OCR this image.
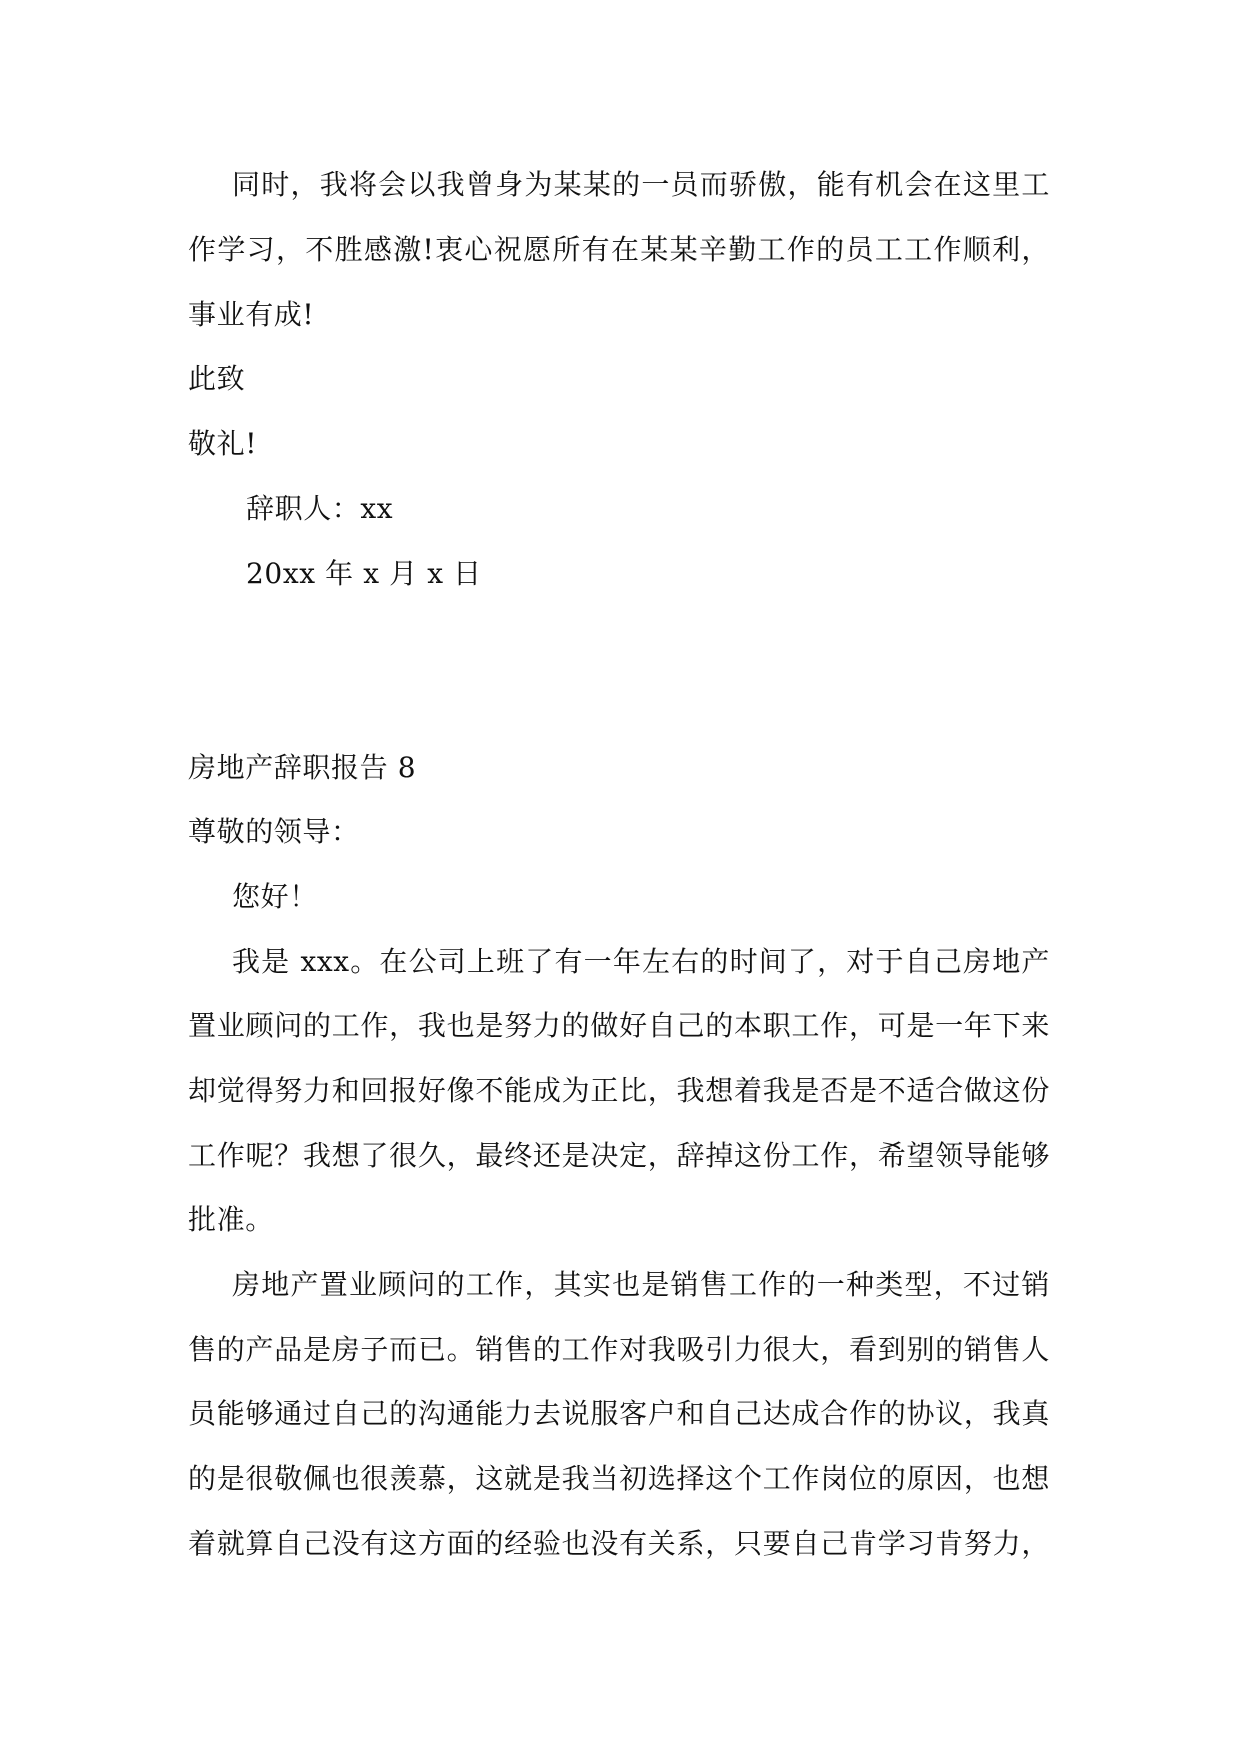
同时，我将会以我曾身为某某的一员而骄傲，能有机会在这里工
作学习，不胜感激!衷心祝愿所有在某某辛勤工作的员工工作顺利，
事业有成!
此致
敬礼!
辞职人：xx
20xx 年 x 月 x 日
房地产辞职报告 8
尊敬的领导：
您好！
我是 xxx。在公司上班了有一年左右的时间了，对于自己房地产
置业顾问的工作，我也是努力的做好自己的本职工作，可是一年下来
却觉得努力和回报好像不能成为正比，我想着我是否是不适合做这份
工作呢？我想了很久，最终还是决定，辞掉这份工作，希望领导能够
批准。
房地产置业顾问的工作，其实也是销售工作的一种类型，不过销
售的产品是房子而已。销售的工作对我吸引力很大，看到别的销售人
员能够通过自己的沟通能力去说服客户和自己达成合作的协议，我真
的是很敬佩也很羡慕，这就是我当初选择这个工作岗位的原因，也想
着就算自己没有这方面的经验也没有关系，只要自己肯学习肯努力，
